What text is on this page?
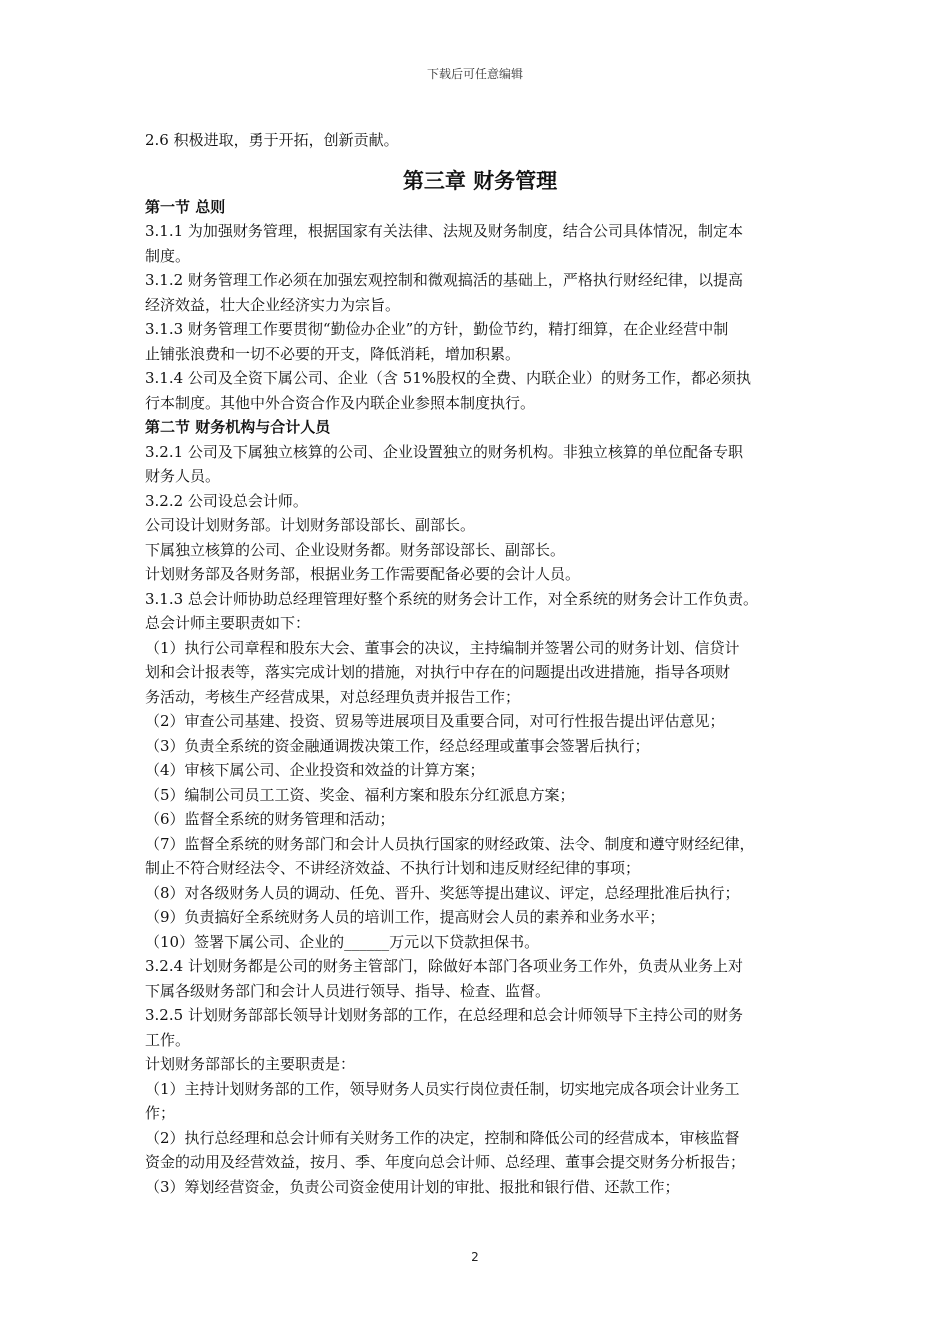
下载后可任意编辑
2.6 积极进取，勇于开拓，创新贡献。
第三章 财务管理
第一节 总则
3.1.1 为加强财务管理，根据国家有关法律、法规及财务制度，结合公司具体情况，制定本
制度。
3.1.2 财务管理工作必须在加强宏观控制和微观搞活的基础上，严格执行财经纪律，以提高
经济效益，壮大企业经济实力为宗旨。
3.1.3 财务管理工作要贯彻“勤俭办企业”的方针，勤俭节约，精打细算，在企业经营中制
止铺张浪费和一切不必要的开支，降低消耗，增加积累。
3.1.4 公司及全资下属公司、企业（含 51%股权的全费、内联企业）的财务工作，都必须执
行本制度。其他中外合资合作及内联企业参照本制度执行。
第二节 财务机构与合计人员
3.2.1 公司及下属独立核算的公司、企业设置独立的财务机构。非独立核算的单位配备专职
财务人员。
3.2.2 公司设总会计师。
公司设计划财务部。计划财务部设部长、副部长。
下属独立核算的公司、企业设财务都。财务部设部长、副部长。
计划财务部及各财务部，根据业务工作需要配备必要的会计人员。
3.1.3 总会计师协助总经理管理好整个系统的财务会计工作，对全系统的财务会计工作负责。
总会计师主要职责如下：
（1）执行公司章程和股东大会、董事会的决议，主持编制并签署公司的财务计划、信贷计
划和会计报表等，落实完成计划的措施，对执行中存在的问题提出改进措施，指导各项财
务活动，考核生产经营成果，对总经理负责并报告工作；
（2）审查公司基建、投资、贸易等进展项目及重要合同，对可行性报告提出评估意见；
（3）负责全系统的资金融通调拨决策工作，经总经理或董事会签署后执行；
（4）审核下属公司、企业投资和效益的计算方案；
（5）编制公司员工工资、奖金、福利方案和股东分红派息方案；
（6）监督全系统的财务管理和活动；
（7）监督全系统的财务部门和会计人员执行国家的财经政策、法令、制度和遵守财经纪律，
制止不符合财经法令、不讲经济效益、不执行计划和违反财经纪律的事项；
（8）对各级财务人员的调动、任免、晋升、奖惩等提出建议、评定，总经理批准后执行；
（9）负责搞好全系统财务人员的培训工作，提高财会人员的素养和业务水平；
（10）签署下属公司、企业的______万元以下贷款担保书。
3.2.4 计划财务都是公司的财务主管部门，除做好本部门各项业务工作外，负责从业务上对
下属各级财务部门和会计人员进行领导、指导、检查、监督。
3.2.5 计划财务部部长领导计划财务部的工作，在总经理和总会计师领导下主持公司的财务
工作。
计划财务部部长的主要职责是：
（1）主持计划财务部的工作，领导财务人员实行岗位责任制，切实地完成各项会计业务工
作；
（2）执行总经理和总会计师有关财务工作的决定，控制和降低公司的经营成本，审核监督
资金的动用及经营效益，按月、季、年度向总会计师、总经理、董事会提交财务分析报告；
（3）筹划经营资金，负责公司资金使用计划的审批、报批和银行借、还款工作；
2
